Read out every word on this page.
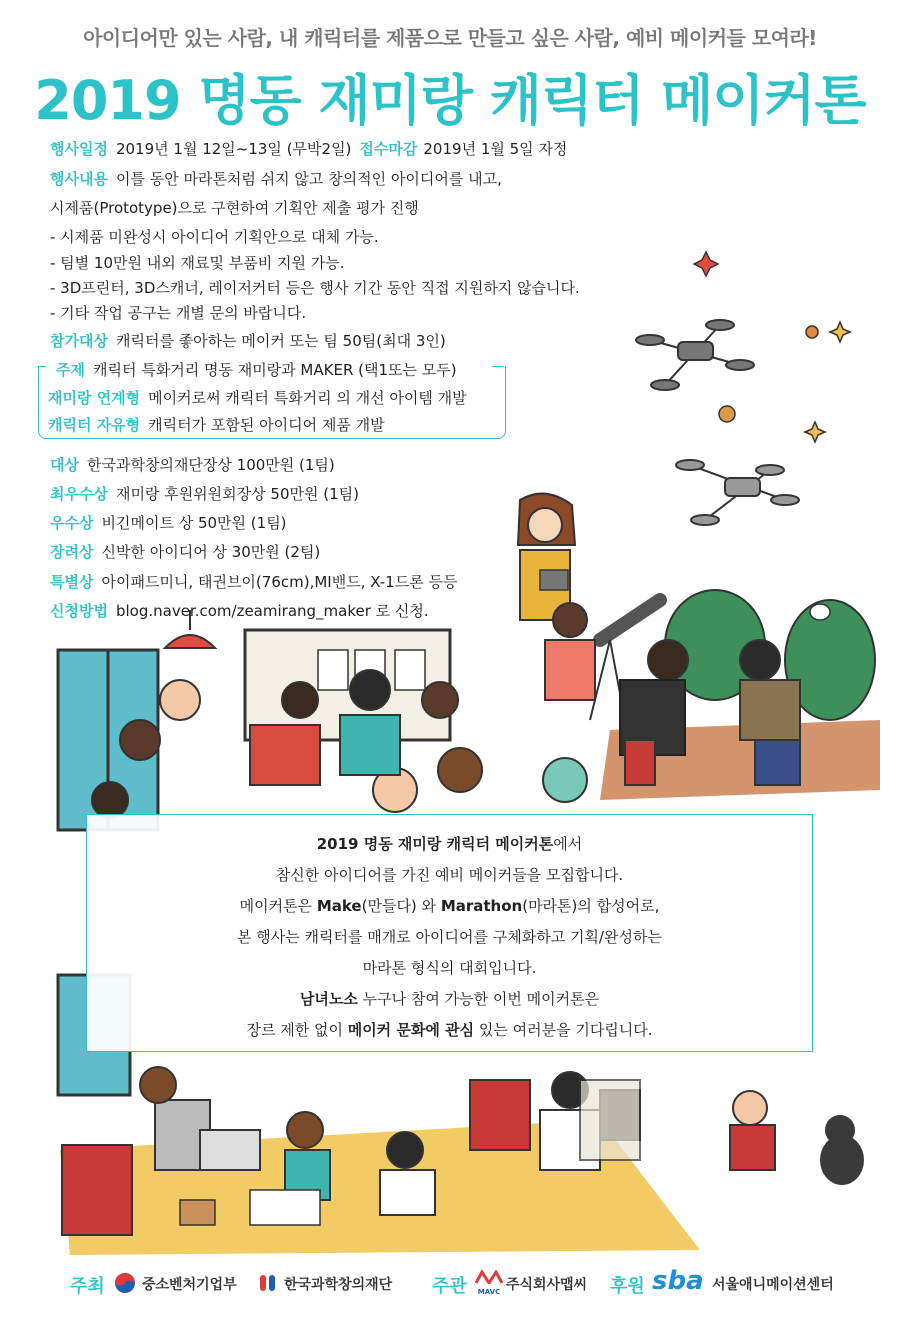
아이디어만 있는 사람, 내 캐릭터를 제품으로 만들고 싶은 사람, 예비 메이커들 모여라!
2019 명동 재미랑 캐릭터 메이커톤
행사일정 2019년 1월 12일~13일 (무박2일) 접수마감 2019년 1월 5일 자정
행사내용 이틀 동안 마라톤처럼 쉬지 않고 창의적인 아이디어를 내고,
시제품(Prototype)으로 구현하여 기획안 제출 평가 진행
- 시제품 미완성시 아이디어 기획안으로 대체 가능.
- 팀별 10만원 내외 재료및 부품비 지원 가능.
- 3D프린터, 3D스캐너, 레이저커터 등은 행사 기간 동안 직접 지원하지 않습니다.
- 기타 작업 공구는 개별 문의 바랍니다.
참가대상 캐릭터를 좋아하는 메이커 또는 팀 50팀(최대 3인)
주제 캐릭터 특화거리 명동 재미랑과 MAKER (택1또는 모두)
재미랑 연계형 메이커로써 캐릭터 특화거리 의 개선 아이템 개발
캐릭터 자유형 캐릭터가 포함된 아이디어 제품 개발
대상 한국과학창의재단장상 100만원 (1팀)
최우수상 재미랑 후원위원회장상 50만원 (1팀)
우수상 비긴메이트 상 50만원 (1팀)
장려상 신박한 아이디어 상 30만원 (2팀)
특별상 아이패드미니, 태권브이(76cm),MI밴드, X-1드론 등등
신청방법 blog.naver.com/zeamirang_maker 로 신청.
2019 명동 재미랑 캐릭터 메이커톤에서
참신한 아이디어를 가진 예비 메이커들을 모집합니다.
메이커톤은 Make(만들다) 와 Marathon(마라톤)의 합성어로,
본 행사는 캐릭터를 매개로 아이디어를 구체화하고 기획/완성하는
마라톤 형식의 대회입니다.
남녀노소 누구나 참여 가능한 이번 메이커톤은
장르 제한 없이 메이커 문화에 관심 있는 여러분을 기다립니다.
주최	중소벤처기업부	한국과학창의재단 주관	MAVC 주식회사맵씨 후원 sba 서울애니메이션센터
